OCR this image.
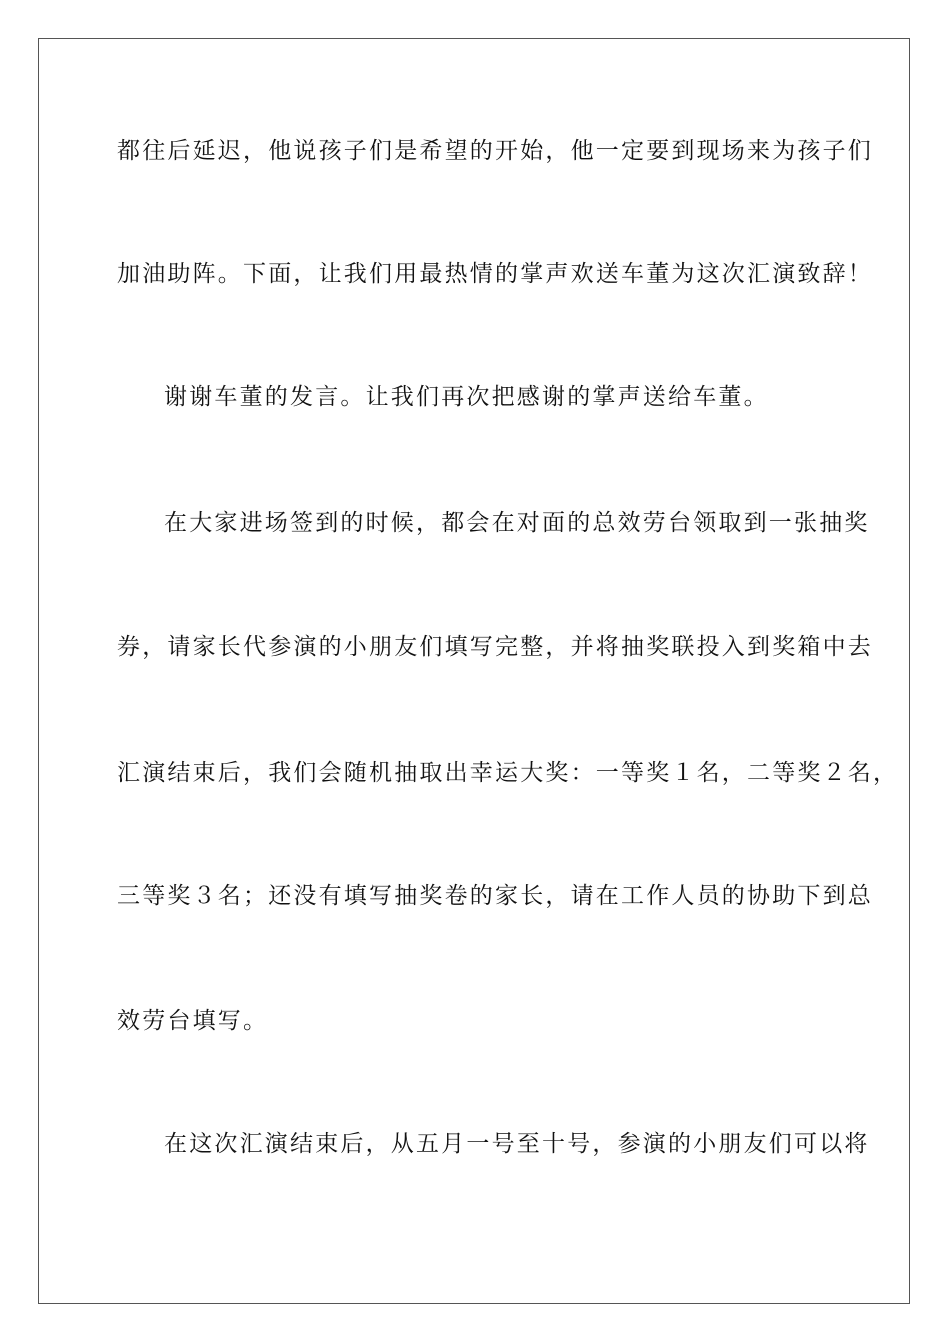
都往后延迟，他说孩子们是希望的开始，他一定要到现场来为孩子们
加油助阵。下面，让我们用最热情的掌声欢送车董为这次汇演致辞！
谢谢车董的发言。让我们再次把感谢的掌声送给车董。
在大家进场签到的时候，都会在对面的总效劳台领取到一张抽奖
券，请家长代参演的小朋友们填写完整，并将抽奖联投入到奖箱中去
汇演结束后，我们会随机抽取出幸运大奖：一等奖１名，二等奖２名，
三等奖３名；还没有填写抽奖卷的家长，请在工作人员的协助下到总
效劳台填写。
在这次汇演结束后，从五月一号至十号，参演的小朋友们可以将
